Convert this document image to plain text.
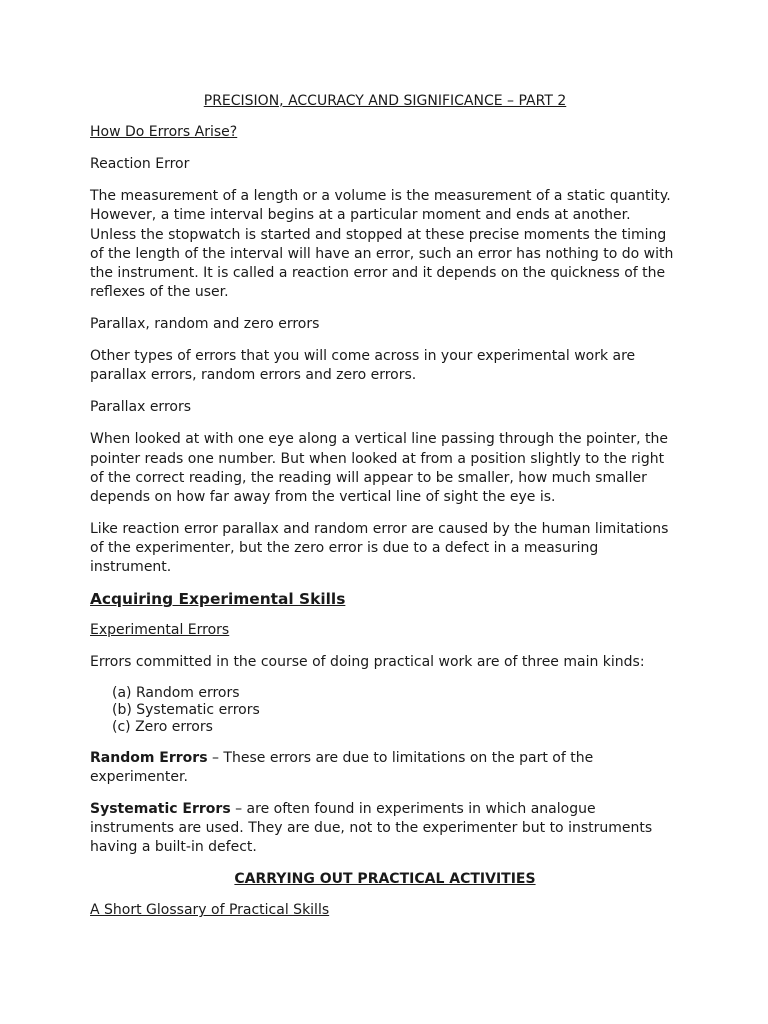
PRECISION, ACCURACY AND SIGNIFICANCE – PART 2

How Do Errors Arise?

Reaction Error

The measurement of a length or a volume is the measurement of a static quantity. However, a time interval begins at a particular moment and ends at another. Unless the stopwatch is started and stopped at these precise moments the timing of the length of the interval will have an error, such an error has nothing to do with the instrument. It is called a reaction error and it depends on the quickness of the reflexes of the user.

Parallax, random and zero errors

Other types of errors that you will come across in your experimental work are parallax errors, random errors and zero errors.

Parallax errors

When looked at with one eye along a vertical line passing through the pointer, the pointer reads one number. But when looked at from a position slightly to the right of the correct reading, the reading will appear to be smaller, how much smaller depends on how far away from the vertical line of sight the eye is.

Like reaction error parallax and random error are caused by the human limitations of the experimenter, but the zero error is due to a defect in a measuring instrument.

Acquiring Experimental Skills

Experimental Errors

Errors committed in the course of doing practical work are of three main kinds:

(a) Random errors
(b) Systematic errors
(c) Zero errors

Random Errors – These errors are due to limitations on the part of the experimenter.

Systematic Errors – are often found in experiments in which analogue instruments are used. They are due, not to the experimenter but to instruments having a built-in defect.

CARRYING OUT PRACTICAL ACTIVITIES

A Short Glossary of Practical Skills
